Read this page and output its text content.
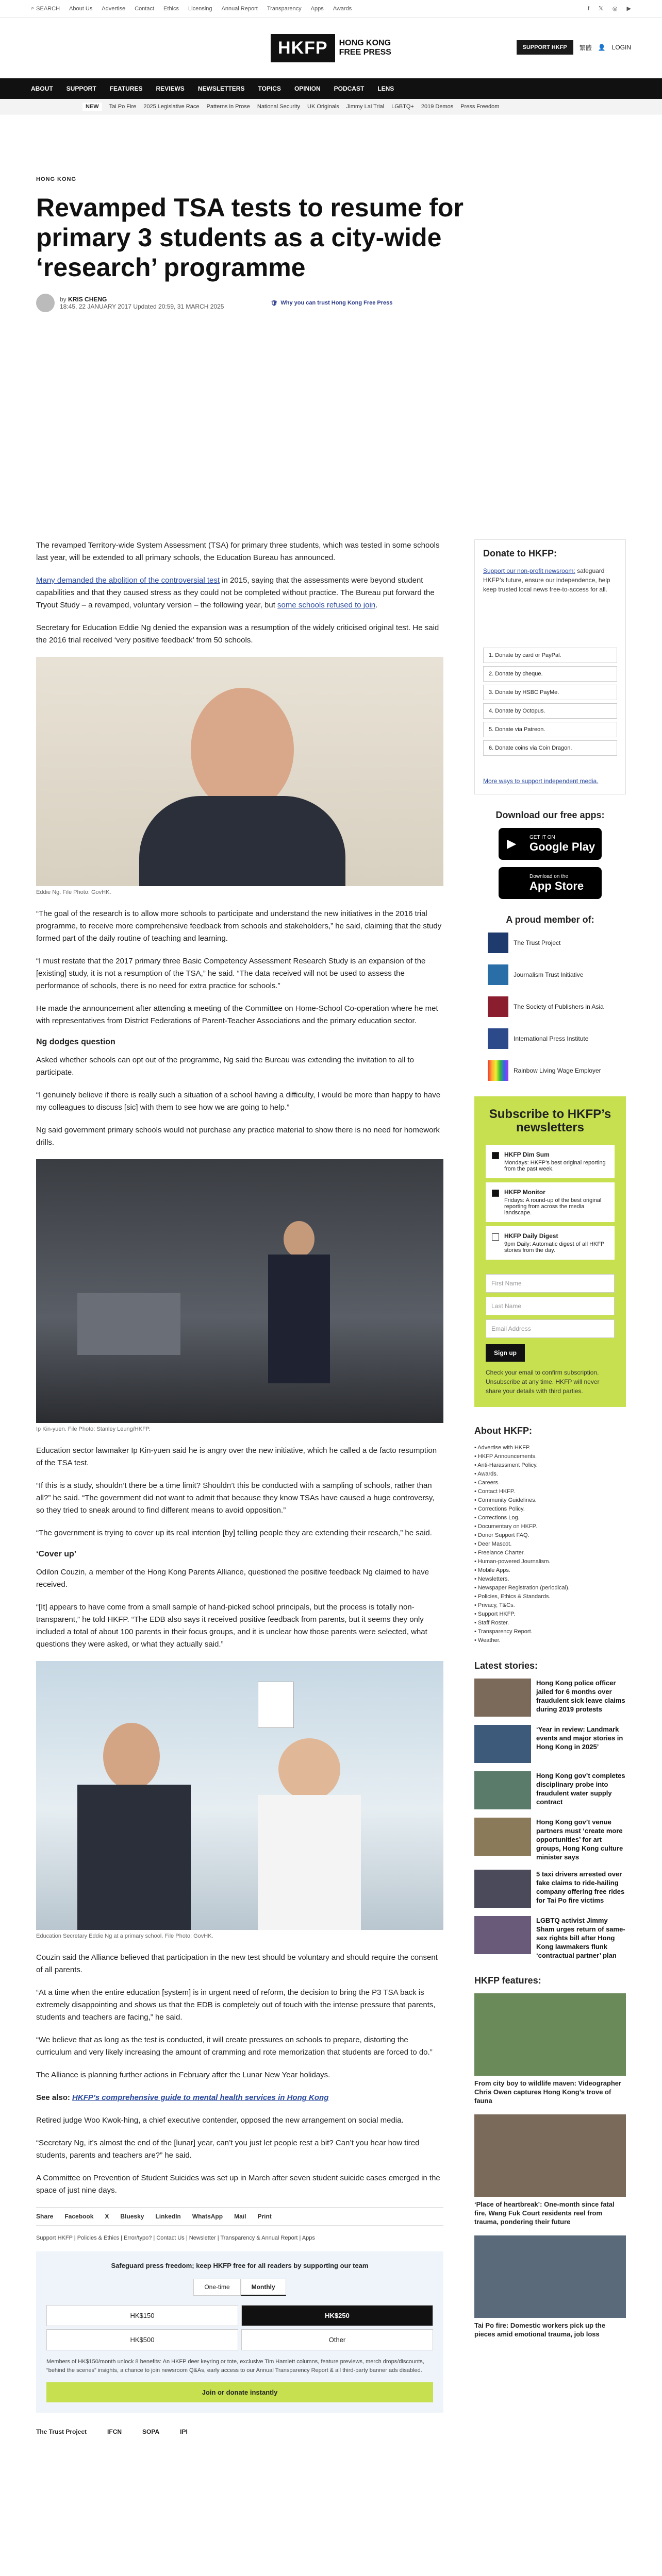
⌕ SEARCH About Us Advertise Contact Ethics Licensing Annual Report Transparency Apps Awards	f 𝕏 ◎ ▶
HKFP	HONG KONG
FREE PRESS
SUPPORT HKFP	繁體 👤 LOGIN
ABOUT SUPPORT FEATURES REVIEWS NEWSLETTERS TOPICS OPINION PODCAST LENS
NEW	Tai Po Fire 2025 Legislative Race Patterns in Prose National Security UK Originals Jimmy Lai Trial LGBTQ+ 2019 Demos Press Freedom
HONG KONG
Revamped TSA tests to resume for primary 3 students as a city-wide ‘research’ programme
by KRIS CHENG
18:45, 22 JANUARY 2017 Updated 20:59, 31 MARCH 2025	🛡 Why you can trust Hong Kong Free Press

The revamped Territory-wide System Assessment (TSA) for primary three students, which was tested in some schools last year, will be extended to all primary schools, the Education Bureau has announced.

Many demanded the abolition of the controversial test in 2015, saying that the assessments were beyond student capabilities and that they caused stress as they could not be completed without practice. The Bureau put forward the Tryout Study – a revamped, voluntary version – the following year, but some schools refused to join.

Secretary for Education Eddie Ng denied the expansion was a resumption of the widely criticised original test. He said the 2016 trial received ‘very positive feedback’ from 50 schools.

Eddie Ng. File Photo: GovHK.

“The goal of the research is to allow more schools to participate and understand the new initiatives in the 2016 trial programme, to receive more comprehensive feedback from schools and stakeholders,” he said, claiming that the study formed part of the daily routine of teaching and learning.

“I must restate that the 2017 primary three Basic Competency Assessment Research Study is an expansion of the [existing] study, it is not a resumption of the TSA,” he said. “The data received will not be used to assess the performance of schools, there is no need for extra practice for schools.”

He made the announcement after attending a meeting of the Committee on Home-School Co-operation where he met with representatives from District Federations of Parent-Teacher Associations and the primary education sector.

Ng dodges question

Asked whether schools can opt out of the programme, Ng said the Bureau was extending the invitation to all to participate.

“I genuinely believe if there is really such a situation of a school having a difficulty, I would be more than happy to have my colleagues to discuss [sic] with them to see how we are going to help.”

Ng said government primary schools would not purchase any practice material to show there is no need for homework drills.

Ip Kin-yuen. File Photo: Stanley Leung/HKFP.

Education sector lawmaker Ip Kin-yuen said he is angry over the new initiative, which he called a de facto resumption of the TSA test.

“If this is a study, shouldn’t there be a time limit? Shouldn’t this be conducted with a sampling of schools, rather than all?” he said. “The government did not want to admit that because they know TSAs have caused a huge controversy, so they tried to sneak around to find different means to avoid opposition.”

“The government is trying to cover up its real intention [by] telling people they are extending their research,” he said.

‘Cover up’

Odilon Couzin, a member of the Hong Kong Parents Alliance, questioned the positive feedback Ng claimed to have received.

“[It] appears to have come from a small sample of hand-picked school principals, but the process is totally non-transparent,” he told HKFP. “The EDB also says it received positive feedback from parents, but it seems they only included a total of about 100 parents in their focus groups, and it is unclear how those parents were selected, what questions they were asked, or what they actually said.”

Education Secretary Eddie Ng at a primary school. File Photo: GovHK.

Couzin said the Alliance believed that participation in the new test should be voluntary and should require the consent of all parents.

“At a time when the entire education [system] is in urgent need of reform, the decision to bring the P3 TSA back is extremely disappointing and shows us that the EDB is completely out of touch with the intense pressure that parents, students and teachers are facing,” he said.

“We believe that as long as the test is conducted, it will create pressures on schools to prepare, distorting the curriculum and very likely increasing the amount of cramming and rote memorization that students are forced to do.”

The Alliance is planning further actions in February after the Lunar New Year holidays.

See also: HKFP’s comprehensive guide to mental health services in Hong Kong

Retired judge Woo Kwok-hing, a chief executive contender, opposed the new arrangement on social media.

“Secretary Ng, it’s almost the end of the [lunar] year, can’t you just let people rest a bit? Can’t you hear how tired students, parents and teachers are?” he said.

A Committee on Prevention of Student Suicides was set up in March after seven student suicide cases emerged in the space of just nine days.

Share Facebook X Bluesky LinkedIn WhatsApp Mail Print
Support HKFP | Policies & Ethics | Error/typo? | Contact Us | Newsletter | Transparency & Annual Report | Apps
Safeguard press freedom; keep HKFP free for all readers by supporting our team
One-time	Monthly
HK$150	HK$250
HK$500	Other
Members of HK$150/month unlock 8 benefits: An HKFP deer keyring or tote, exclusive Tim Hamlett columns, feature previews, merch drops/discounts, “behind the scenes” insights, a chance to join newsroom Q&As, early access to our Annual Transparency Report & all third-party banner ads disabled.
Join or donate instantly
The Trust Project	IFCN	SOPA	IPI
Donate to HKFP:
Support our non-profit newsroom: safeguard HKFP’s future, ensure our independence, help keep trusted local news free-to-access for all.
1. Donate by card or PayPal.
2. Donate by cheque.
3. Donate by HSBC PayMe.
4. Donate by Octopus.
5. Donate via Patreon.
6. Donate coins via Coin Dragon.
More ways to support independent media.
Download our free apps:
▶	GET IT ON
Google Play
Download on the
App Store
A proud member of:
The Trust Project
Journalism Trust Initiative
The Society of Publishers in Asia
International Press Institute
Rainbow Living Wage Employer
Subscribe to HKFP’s newsletters
HKFP Dim Sum
Mondays: HKFP’s best original reporting from the past week.
HKFP Monitor
Fridays: A round-up of the best original reporting from across the media landscape.
HKFP Daily Digest
9pm Daily: Automatic digest of all HKFP stories from the day.
First Name
Last Name
Email Address
Sign up
Check your email to confirm subscription. Unsubscribe at any time. HKFP will never share your details with third parties.
About HKFP:
• Advertise with HKFP.
• HKFP Announcements.
• Anti-Harassment Policy.
• Awards.
• Careers.
• Contact HKFP.
• Community Guidelines.
• Corrections Policy.
• Corrections Log.
• Documentary on HKFP.
• Donor Support FAQ.
• Deer Mascot.
• Freelance Charter.
• Human-powered Journalism.
• Mobile Apps.
• Newsletters.
• Newspaper Registration (periodical).
• Policies, Ethics & Standards.
• Privacy, T&Cs.
• Support HKFP.
• Staff Roster.
• Transparency Report.
• Weather.
Latest stories:
Hong Kong police officer jailed for 6 months over fraudulent sick leave claims during 2019 protests
‘Year in review: Landmark events and major stories in Hong Kong in 2025’
Hong Kong gov’t completes disciplinary probe into fraudulent water supply contract
Hong Kong gov’t venue partners must ‘create more opportunities’ for art groups, Hong Kong culture minister says
5 taxi drivers arrested over fake claims to ride-hailing company offering free rides for Tai Po fire victims
LGBTQ activist Jimmy Sham urges return of same-sex rights bill after Hong Kong lawmakers flunk ‘contractual partner’ plan
HKFP features:
From city boy to wildlife maven: Videographer Chris Owen captures Hong Kong’s trove of fauna
‘Place of heartbreak’: One-month since fatal fire, Wang Fuk Court residents reel from trauma, pondering their future
Tai Po fire: Domestic workers pick up the pieces amid emotional trauma, job loss
